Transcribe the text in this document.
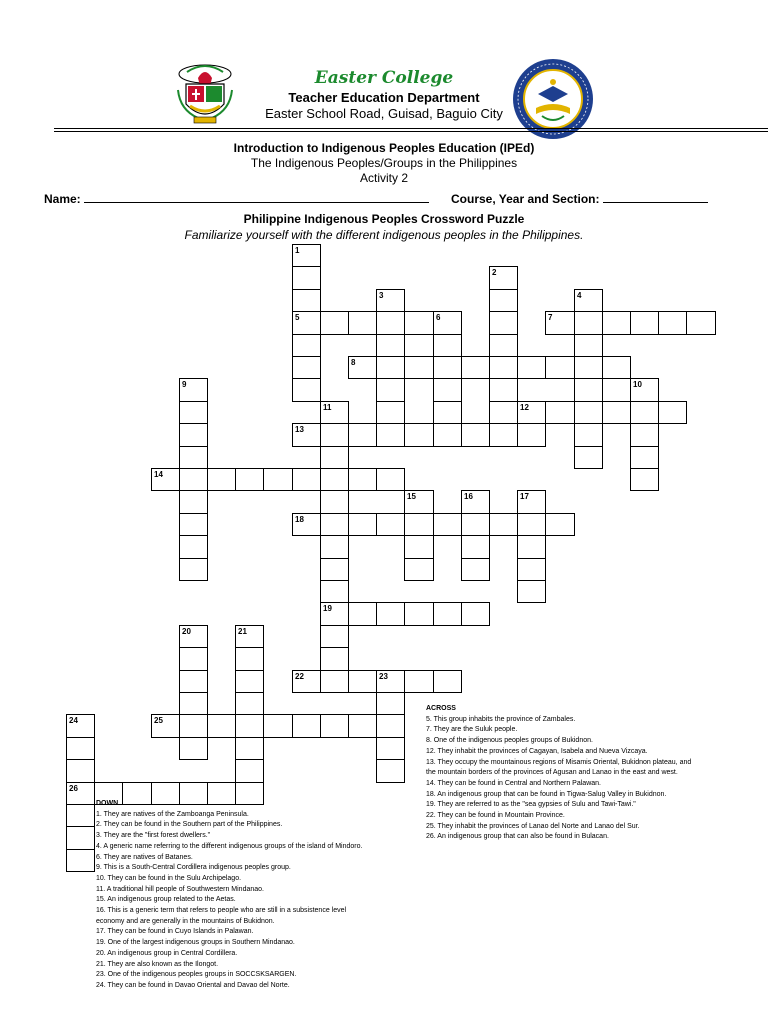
Easter College
Teacher Education Department
Easter School Road, Guisad, Baguio City
Introduction to Indigenous Peoples Education (IPEd)
The Indigenous Peoples/Groups in the Philippines
Activity 2
Name:	Course, Year and Section:
Philippine Indigenous Peoples Crossword Puzzle
Familiarize yourself with the different indigenous peoples in the Philippines.
1
2
3	4
5	6	7
8
9	10
11	12
13
14
15	16	17
18
19
20	21
22	23
24	25
26
ACROSS
5. This group inhabits the province of Zambales.
7. They are the Suluk people.
8. One of the indigenous peoples groups of Bukidnon.
12. They inhabit the provinces of Cagayan, Isabela and Nueva Vizcaya.
13. They occupy the mountainous regions of Misamis Oriental, Bukidnon plateau, and
the mountain borders of the provinces of Agusan and Lanao in the east and west.
14. They can be found in Central and Northern Palawan.
18. An indigenous group that can be found in Tigwa-Salug Valley in Bukidnon.
19. They are referred to as the "sea gypsies of Sulu and Tawi-Tawi."
22. They can be found in Mountain Province.
25. They inhabit the provinces of Lanao del Norte and Lanao del Sur.
26. An indigenous group that can also be found in Bulacan.
DOWN
1. They are natives of the Zamboanga Peninsula.
2. They can be found in the Southern part of the Philippines.
3. They are the "first forest dwellers."
4. A generic name referring to the different indigenous groups of the island of Mindoro.
6. They are natives of Batanes.
9. This is a South-Central Cordillera indigenous peoples group.
10. They can be found in the Sulu Archipelago.
11. A traditional hill people of Southwestern Mindanao.
15. An indigenous group related to the Aetas.
16. This is a generic term that refers to people who are still in a subsistence level
economy and are generally in the mountains of Bukidnon.
17. They can be found in Cuyo Islands in Palawan.
19. One of the largest indigenous groups in Southern Mindanao.
20. An indigenous group in Central Cordillera.
21. They are also known as the Ilongot.
23. One of the indigenous peoples groups in SOCCSKSARGEN.
24. They can be found in Davao Oriental and Davao del Norte.
